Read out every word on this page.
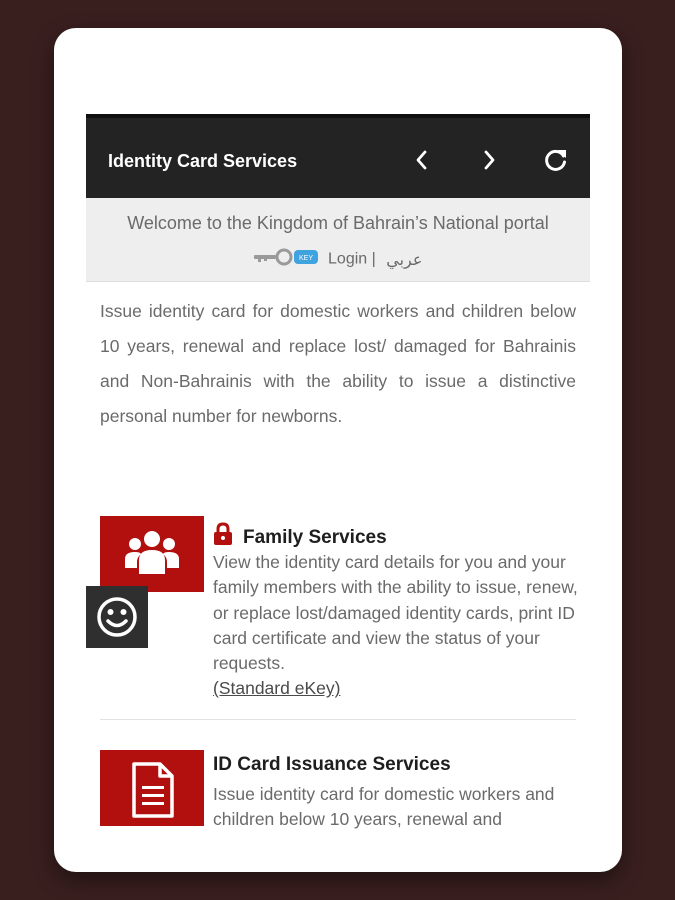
Identity Card Services
Welcome to the Kingdom of Bahrain’s National portal
KEY Login | عربي
Issue identity card for domestic workers and children below 10 years, renewal and replace lost/ damaged for Bahrainis and Non-Bahrainis with the ability to issue a distinctive personal number for newborns.
Family Services
View the identity card details for you and your family members with the ability to issue, renew, or replace lost/damaged identity cards, print ID card certificate and view the status of your requests.
(Standard eKey)
ID Card Issuance Services
Issue identity card for domestic workers and children below 10 years, renewal and
